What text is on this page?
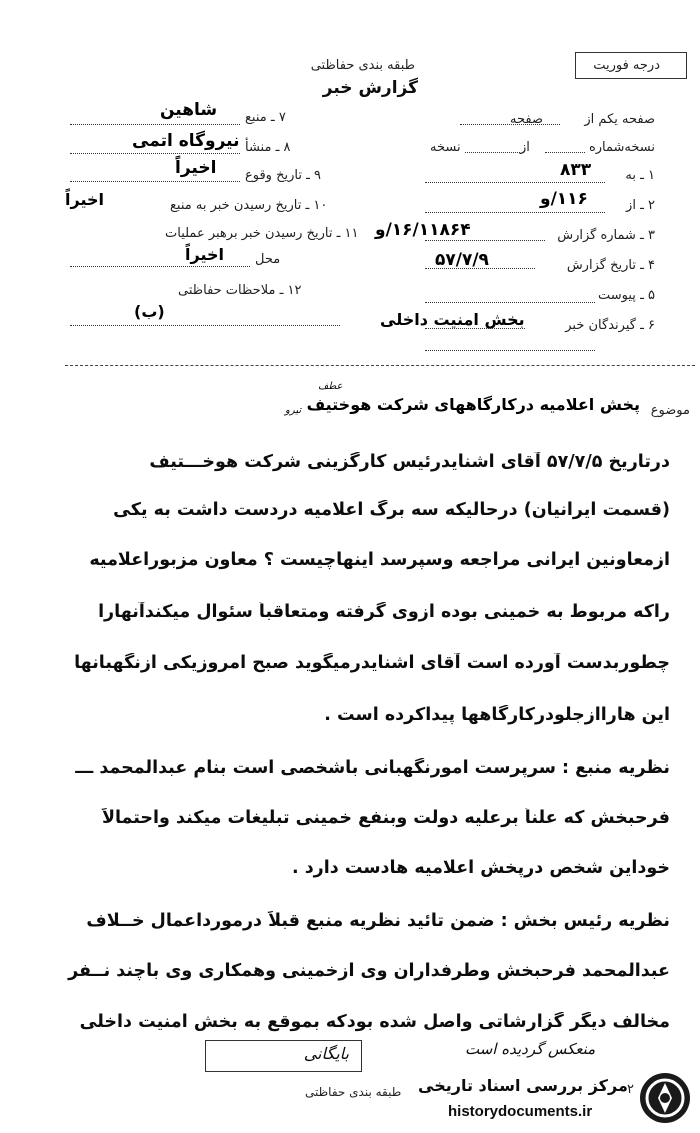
درجه فوریت
طبقه بندی حفاظتی
گزارش خبر
۷ ـ منبع
شاهین
۸ ـ منشأ
نیروگاه اتمی
۹ ـ تاریخ وقوع
اخیراً
۱۰ ـ تاریخ رسیدن خبر به منبع
اخیراً
۱۱ ـ تاریخ رسیدن خبر برهبر عملیات
محل
اخیراً
۱۲ ـ ملاحظات حفاظتی
(ب)
صفحه یکم از
صفحه
نسخه‌شماره
از
نسخه
۱ ـ به
۸۳۳
۲ ـ از
۱۱۶/و
۳ ـ شماره گزارش
۱۶/۱۱۸۶۴/و
۴ ـ تاریخ گزارش
۵۷/۷/۹
۵ ـ پیوست
۶ ـ گیرندگان خبر
بخش امنیت داخلی
موضوع
عطف
تیرو پخش اعلامیه درکارگاههای شرکت هوختیف
درتاریخ ۵۷/۷/۵ آقای اشنایدرئیس کارگزینی شرکت هوخـــتیف
(قسمت ایرانیان) درحالیکه سه برگ اعلامیه دردست داشت به یکی
ازمعاونین ایرانی مراجعه وسپرسد اینهاچیست ؟ معاون مزبوراعلامیه
راکه مربوط به خمینی بوده ازوی گرفته ومتعاقباً سئوال میکندآنهارا
چطوربدست آورده است آقای اشنایدرمیگوید صبح امروزیکی ازنگهبانها
این هاراازجلودرکارگاهها پیداکرده است .
نظریه منبع : سرپرست امورنگهبانی باشخصی است بنام عبدالمحمد ـــ
فرحبخش که علناً برعلیه دولت وبنفع خمینی تبلیغات میکند واحتمالاً
خوداین شخص درپخش اعلامیه هادست دارد .
نظریه رئیس بخش : ضمن تائید نظریه منبع قبلاً درمورداعمال خــلاف
عبدالمحمد فرحبخش وطرفداران وی ازخمینی وهمکاری وی باچند نــفر
مخالف دیگر گزارشاتی واصل شده بودکه بموقع به بخش امنیت داخلی
منعکس گردیده است
بایگانی
طبقه بندی حفاظتی	۲
مرکز بررسی اسناد تاریخی
historydocuments.ir
